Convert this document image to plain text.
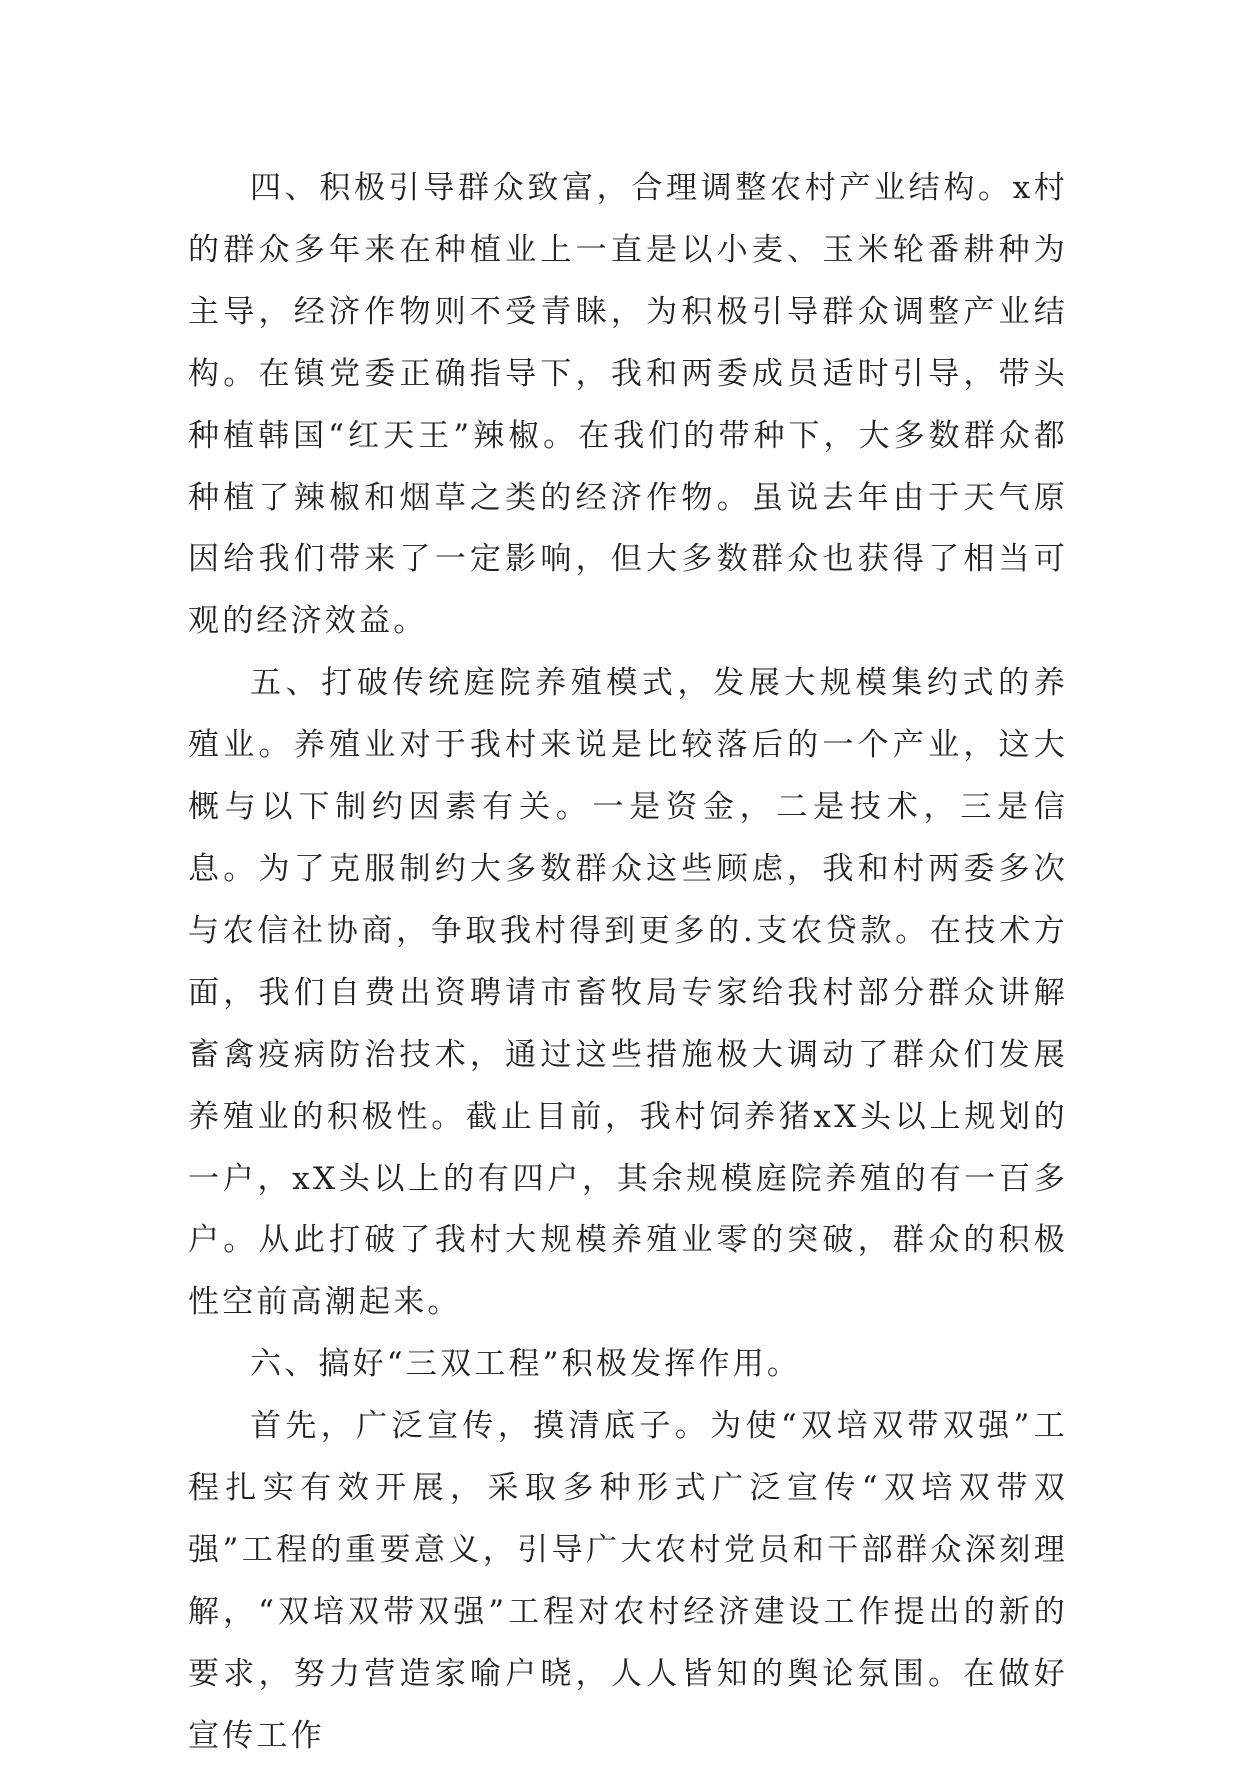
四、积极引导群众致富，合理调整农村产业结构。x村的群众多年来在种植业上一直是以小麦、玉米轮番耕种为主导，经济作物则不受青睐，为积极引导群众调整产业结构。在镇党委正确指导下，我和两委成员适时引导，带头种植韩国“红天王”辣椒。在我们的带种下，大多数群众都种植了辣椒和烟草之类的经济作物。虽说去年由于天气原因给我们带来了一定影响，但大多数群众也获得了相当可观的经济效益。

五、打破传统庭院养殖模式，发展大规模集约式的养殖业。养殖业对于我村来说是比较落后的一个产业，这大概与以下制约因素有关。一是资金，二是技术，三是信息。为了克服制约大多数群众这些顾虑，我和村两委多次与农信社协商，争取我村得到更多的.支农贷款。在技术方面，我们自费出资聘请市畜牧局专家给我村部分群众讲解畜禽疫病防治技术，通过这些措施极大调动了群众们发展养殖业的积极性。截止目前，我村饲养猪xX头以上规划的一户，xX头以上的有四户，其余规模庭院养殖的有一百多户。从此打破了我村大规模养殖业零的突破，群众的积极性空前高潮起来。

六、搞好“三双工程”积极发挥作用。

首先，广泛宣传，摸清底子。为使“双培双带双强”工程扎实有效开展，采取多种形式广泛宣传“双培双带双强”工程的重要意义，引导广大农村党员和干部群众深刻理解，“双培双带双强”工程对农村经济建设工作提出的新的要求，努力营造家喻户晓，人人皆知的舆论氛围。在做好宣传工作
